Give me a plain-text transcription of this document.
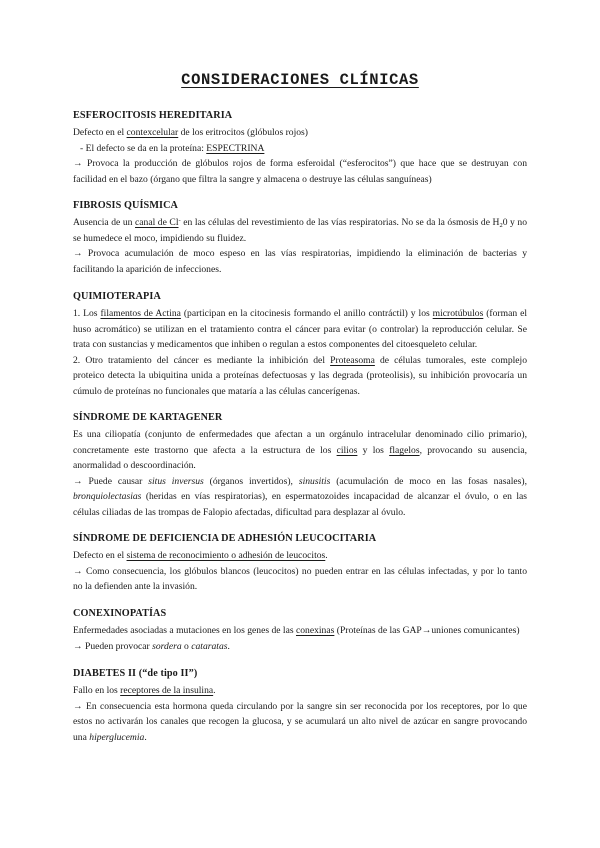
CONSIDERACIONES CLÍNICAS
ESFEROCITOSIS HEREDITARIA

Defecto en el contexcelular de los eritrocitos (glóbulos rojos)

- El defecto se da en la proteína: ESPECTRINA

→ Provoca la producción de glóbulos rojos de forma esferoidal (“esferocitos”) que hace que se destruyan con

facilidad en el bazo (órgano que filtra la sangre y almacena o destruye las células sanguíneas)

FIBROSIS QUÍSMICA

Ausencia de un canal de Cl- en las células del revestimiento de las vías respiratorias. No se da la ósmosis de $H_20$ y no

se humedece el moco, impidiendo su fluidez.

→ Provoca acumulación de moco espeso en las vías respiratorias, impidiendo la eliminación de bacterias y

facilitando la aparición de infecciones.

QUIMIOTERAPIA

1. Los filamentos de Actina (participan en la citocinesis formando el anillo contráctil) y los microtúbulos (forman el

huso acromático) se utilizan en el tratamiento contra el cáncer para evitar (o controlar) la reproducción celular. Se

trata con sustancias y medicamentos que inhiben o regulan a estos componentes del citoesqueleto celular.

2. Otro tratamiento del cáncer es mediante la inhibición del Proteasoma de células tumorales, este complejo

proteico detecta la ubiquitina unida a proteínas defectuosas y las degrada (proteolisis), su inhibición provocaría un

cúmulo de proteínas no funcionales que mataría a las células cancerígenas.

SÍNDROME DE KARTAGENER

Es una ciliopatía (conjunto de enfermedades que afectan a un orgánulo intracelular denominado cilio primario),

concretamente este trastorno que afecta a la estructura de los cilios y los flagelos, provocando su ausencia,

anormalidad o descoordinación.

→ Puede causar situs inversus (órganos invertidos), sinusitis (acumulación de moco en las fosas nasales),

bronquiolectasias (heridas en vías respiratorias), en espermatozoides incapacidad de alcanzar el óvulo, o en las

células ciliadas de las trompas de Falopio afectadas, dificultad para desplazar al óvulo.

SÍNDROME DE DEFICIENCIA DE ADHESIÓN LEUCOCITARIA

Defecto en el sistema de reconocimiento o adhesión de leucocitos.

→ Como consecuencia, los glóbulos blancos (leucocitos) no pueden entrar en las células infectadas, y por lo tanto

no la defienden ante la invasión.

CONEXINOPATÍAS

Enfermedades asociadas a mutaciones en los genes de las conexinas (Proteínas de las GAP→uniones comunicantes)

→ Pueden provocar sordera o cataratas.

DIABETES II (“de tipo II”)

Fallo en los receptores de la insulina.

→ En consecuencia esta hormona queda circulando por la sangre sin ser reconocida por los receptores, por lo que

estos no activarán los canales que recogen la glucosa, y se acumulará un alto nivel de azúcar en sangre provocando

una hiperglucemia.
